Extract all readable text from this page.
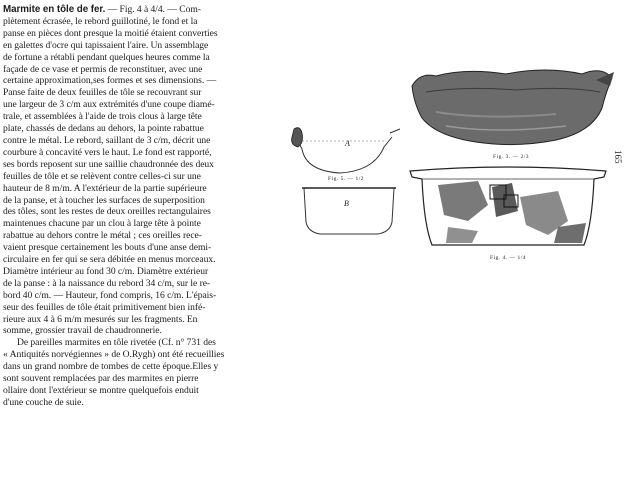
Marmite en tôle de fer. — Fig. 4 à 4/4. — Com-
plètement écrasée, le rebord guillotiné, le fond et la
panse en pièces dont presque la moitié étaient converties
en galettes d'ocre qui tapissaient l'aire. Un assemblage
de fortune a rétabli pendant quelques heures comme la
façade de ce vase et permis de reconstituer, avec une
certaine approximation,ses formes et ses dimensions. —
Panse faite de deux feuilles de tôle se recouvrant sur
une largeur de 3 c/m aux extrémités d'une coupe diamé-
trale, et assemblées à l'aide de trois clous à large tête
plate, chassés de dedans au dehors, la pointe rabattue
contre le métal. Le rebord, saillant de 3 c/m, décrit une
courbure à concavité vers le haut. Le fond est rapporté,
ses bords reposent sur une saillie chaudronnée des deux
feuilles de tôle et se relèvent contre celles-ci sur une
hauteur de 8 m/m. A l'extérieur de la partie supérieure
de la panse, et à toucher les surfaces de superposition
des tôles, sont les restes de deux oreilles rectangulaires
maintenues chacune par un clou à large tête à pointe
rabattue au dehors contre le métal ; ces oreilles rece-
vaient presque certainement les bouts d'une anse demi-
circulaire en fer qui se sera débitée en menus morceaux.
Diamètre intérieur au fond 30 c/m. Diamètre extérieur
de la panse : à la naissance du rebord 34 c/m, sur le re-
bord 40 c/m. — Hauteur, fond compris, 16 c/m. L'épais-
seur des feuilles de tôle était primitivement bien infé-
rieure aux 4 à 6 m/m mesurés sur les fragments. En
somme, grossier travail de chaudronnerie.

De pareilles marmites en tôle rivetée (Cf. n° 731 des

« Antiquités norvégiennes » de O.Rygh) ont été recueillies
dans un grand nombre de tombes de cette époque.Elles y
sont souvent remplacées par des marmites en pierre
ollaire dont l'extérieur se montre quelquefois enduit
d'une couche de suie.

A
Fig. 5. — 1/2
B
Fig. 3. — 2/3
Fig. 4. — 1/4
165
